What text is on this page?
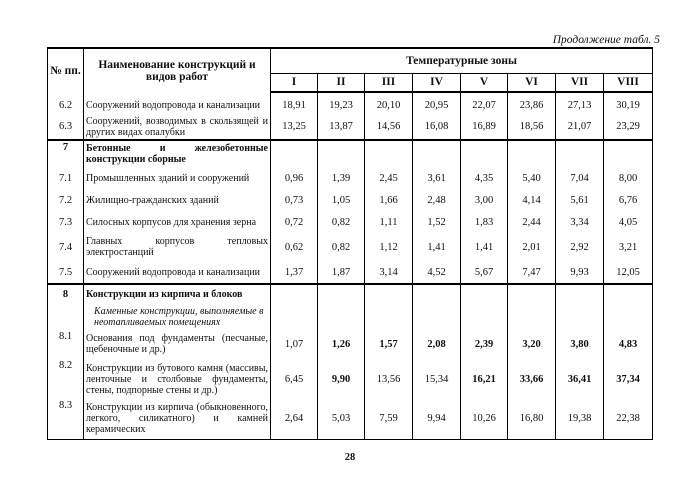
Продолжение табл. 5
№ пп.	Наименование конструкций и видов работ	Температурные зоны							
		I	II	III	IV	V	VI	VII	VIII

6.2	Сооружений водопровода и канализации	18,91	19,23	20,10	20,95	22,07	23,86	27,13	30,19
6.3	Сооружений, возводимых в скользящей и других видах опалубки	13,25	13,87	14,56	16,08	16,89	18,56	21,07	23,29
7	Бетонные и железобетонные конструкции сборные								
7.1	Промышленных зданий и сооружений	0,96	1,39	2,45	3,61	4,35	5,40	7,04	8,00
7.2	Жилищно-гражданских зданий	0,73	1,05	1,66	2,48	3,00	4,14	5,61	6,76
7.3	Силосных корпусов для хранения зерна	0,72	0,82	1,11	1,52	1,83	2,44	3,34	4,05
7.4	Главных корпусов тепловых электростанций	0,62	0,82	1,12	1,41	1,41	2,01	2,92	3,21
7.5	Сооружений водопровода и канализации	1,37	1,87	3,14	4,52	5,67	7,47	9,93	12,05
8	Конструкции из кирпича и блоков								
	Каменные конструкции, выполняемые в неотапливаемых помещениях								
8.1	Основания под фундаменты (песчаные, щебеночные и др.)	1,07	1,26	1,57	2,08	2,39	3,20	3,80	4,83
8.2	Конструкции из бутового камня (массивы, ленточные и столбовые фундаменты, стены, подпорные стены и др.)	6,45	9,90	13,56	15,34	16,21	33,66	36,41	37,34
8.3	Конструкции из кирпича (обыкновенного, легкого, силикатного) и камней керамических	2,64	5,03	7,59	9,94	10,26	16,80	19,38	22,38
28
